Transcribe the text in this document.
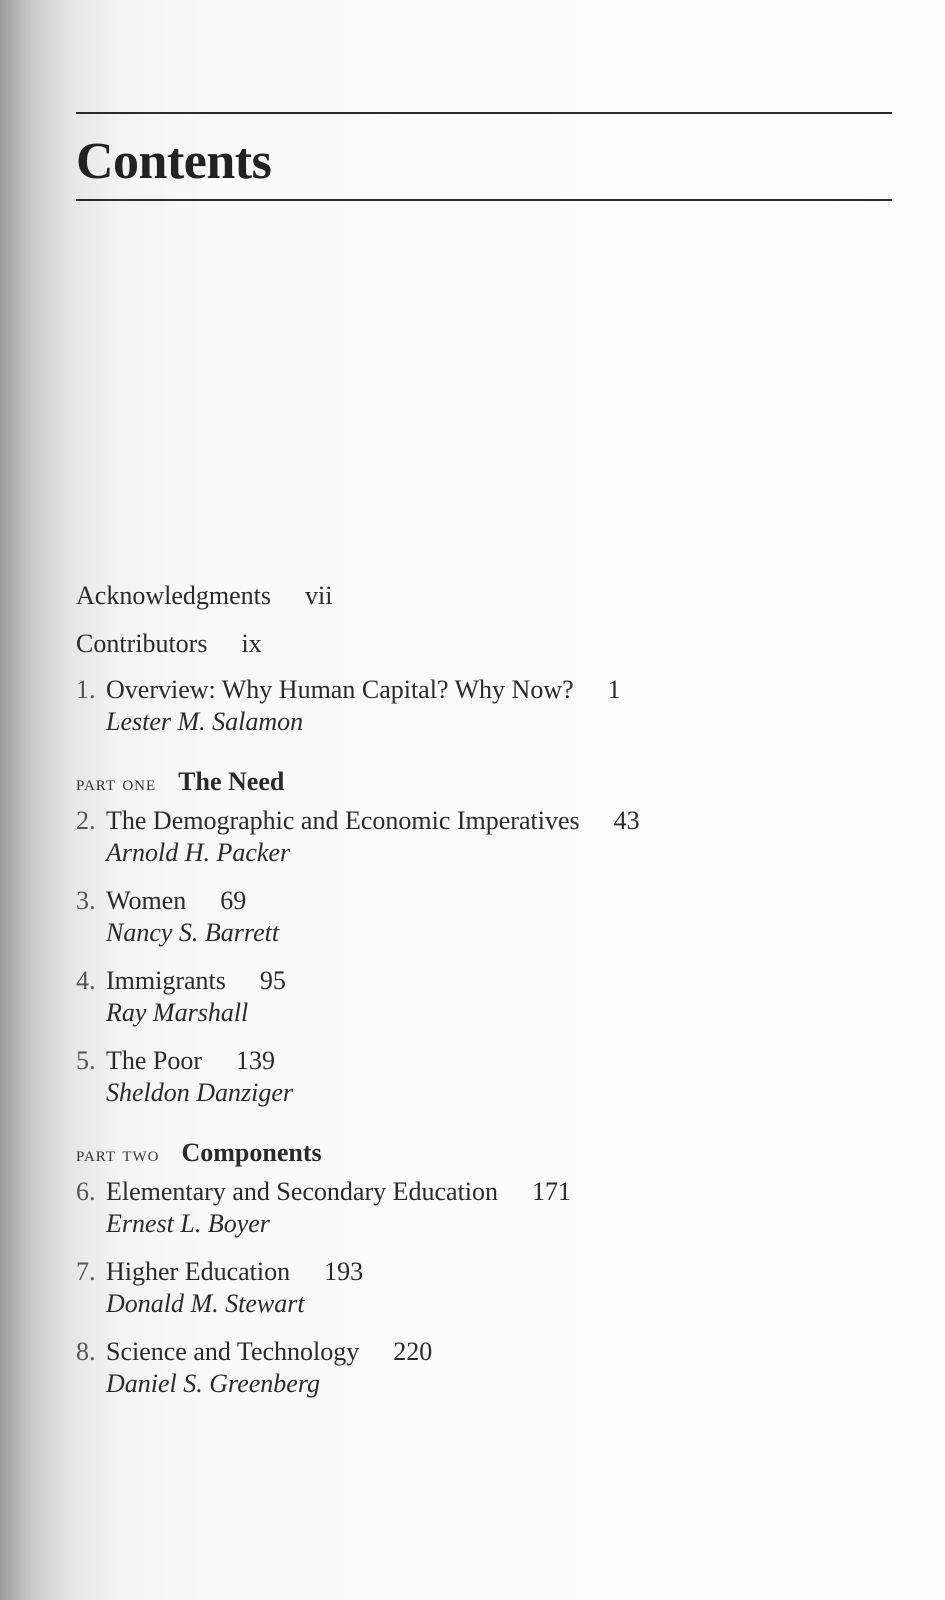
Contents
Acknowledgments vii
Contributors ix
1. Overview: Why Human Capital? Why Now? 1
Lester M. Salamon
part one The Need
2. The Demographic and Economic Imperatives 43
Arnold H. Packer
3. Women 69
Nancy S. Barrett
4. Immigrants 95
Ray Marshall
5. The Poor 139
Sheldon Danziger
part two Components
6. Elementary and Secondary Education 171
Ernest L. Boyer
7. Higher Education 193
Donald M. Stewart
8. Science and Technology 220
Daniel S. Greenberg
